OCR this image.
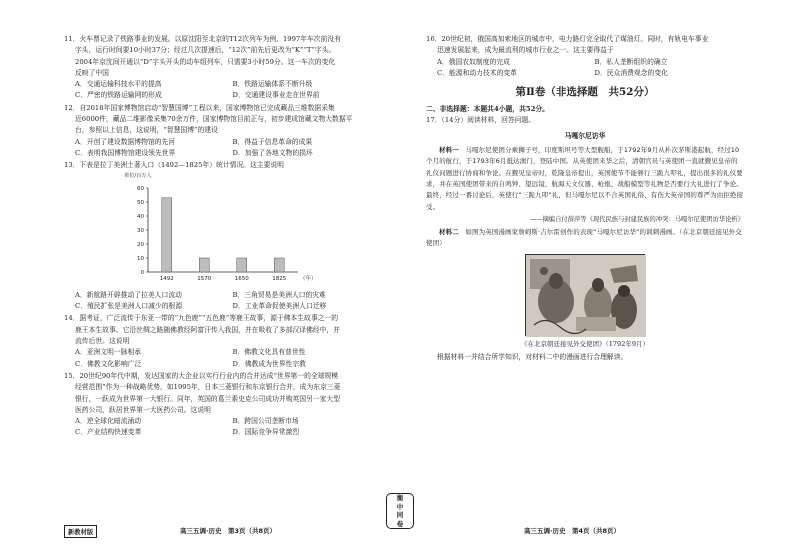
11．火车票记录了铁路事业的发展。以原沈阳至北京的T12次列车为例，1997年车次前没有
字头，运行时间要10小时37分；经过几次提速后，“12次”前先后更改为“K”“T”字头。
2004年京沈间开通以“D”字头开头的动车组列车，只需要3小时59分。这一车次的变化
反映了中国
A．交通运输科技水平的提高	B．铁路运输体系不断升级
C．严密的铁路运输网的形成	D．交通建设事业走在世界前
12．自2018年国家博物馆启动“智慧国博”工程以来，国家博物馆已完成藏品三维数据采集
近6000件，藏品二维影像采集70余万件，国家博物馆目前正与，初步建成馆藏文物大数据平
台，参照以上信息，这说明，“智慧国博”的建设
A．开创了建设数据博物馆的先河	B．得益于信息革命的成果
C．表明我国博物馆建设领先世界	D．加强了各地文物的损坏
13．下表是拉丁美洲土著人口（1492—1825年）统计情况。这主要说明
单位/百万人
0
10
20
30
40
50
60
1492	1570	1650	1825	（年）
A．新航路开辟推动了拉美人口流动	B．三角贸易是美洲人口的灾难
C．殖民扩张是美洲人口减少的根源	D．工业革命促使美洲人口迁移
14．据考证，广泛流传于东亚一带的“九色鹿”“五色鹿”等鹿王故事，源于佛本生故事之一的
鹿王本生故事。它沿丝绸之路随佛教经阿富汗传入我国，并在吸收了多部汉译佛经中，并
流传后世。这说明
A．亚洲文明一脉相承	B．佛教文化具有普世性
C．佛教文化影响广泛	D．佛教成为世界性宗教
15．20世纪90年代中期，发达国家的大企业以实行行业内的合并达成“世界第一的全球规模
经营范围”作为一种战略优势，如1995年，日本三菱银行和东京银行合并，成为东京三菱
银行，一跃成为世界第一大银行。同年，英国的葛兰素史克公司成功并购英国另一家大型
医药公司，跃居世界第一大医药公司。这说明
A．逆全球化暗流涌动	B．跨国公司垄断市场
C．产业结构快速变革	D．国际竞争异常激烈
16．20世纪初，俄国高加索地区的城市中，电力路灯完全取代了煤油灯。同时，有轨电车事业
迅速发展起来，成为最流利的城市行业之一。这主要得益于
A．俄国农奴制度的完成	B．私人垄断组织的确立
C．能源和动力技术的变革	D．民众消费观念的变化
第Ⅱ卷（非选择题　共52分）
二、非选择题：本题共4小题，共52分。
17．（14分）阅读材料，回答问题。
马嘎尔尼访华
材料一　 马嘎尔尼使团分乘狮子号，印度斯坦号等大型舰船，于1792年9月从朴次茅斯港起航，经过10个月的航行，于1793年6月抵达澳门，登陆中国。从英使团来华之后，清朝官员与英使团一直就觐见皇帝的礼仪问题进行协商和争论。在觐见皇帝时，乾隆皇帝提出，英国使节不能够行三跪九叩礼，提出很多的礼仪要求，并在英国使团带来的自鸣钟、望远镜、航海天文仪器、枪炮、战船模型等礼物是否要行大礼进行了争论。最终，经过一番讨论后，英使行“三跪九叩”礼，但马嘎尔尼以不合英国礼俗、有伤大英帝国的尊严为由拒绝接受。
——摘编自付薛萍等《现代民族与封建民族的冲突：马嘎尔尼使团访华论析》
材料二　 如图为英国漫画家詹姆斯·吉尔雷创作的表现“马嘎尔尼访华”的讽刺漫画。（在北京朝廷接见外交使团）
《在北京朝廷接见外交使团》（1792年9月）
根据材料一并结合所学知识，对材料二中的漫画进行合理解读。
新教材版	高三五调·历史　第3页（共8页）	高三五调·历史　第4页（共8页）
衡
中
同
卷
